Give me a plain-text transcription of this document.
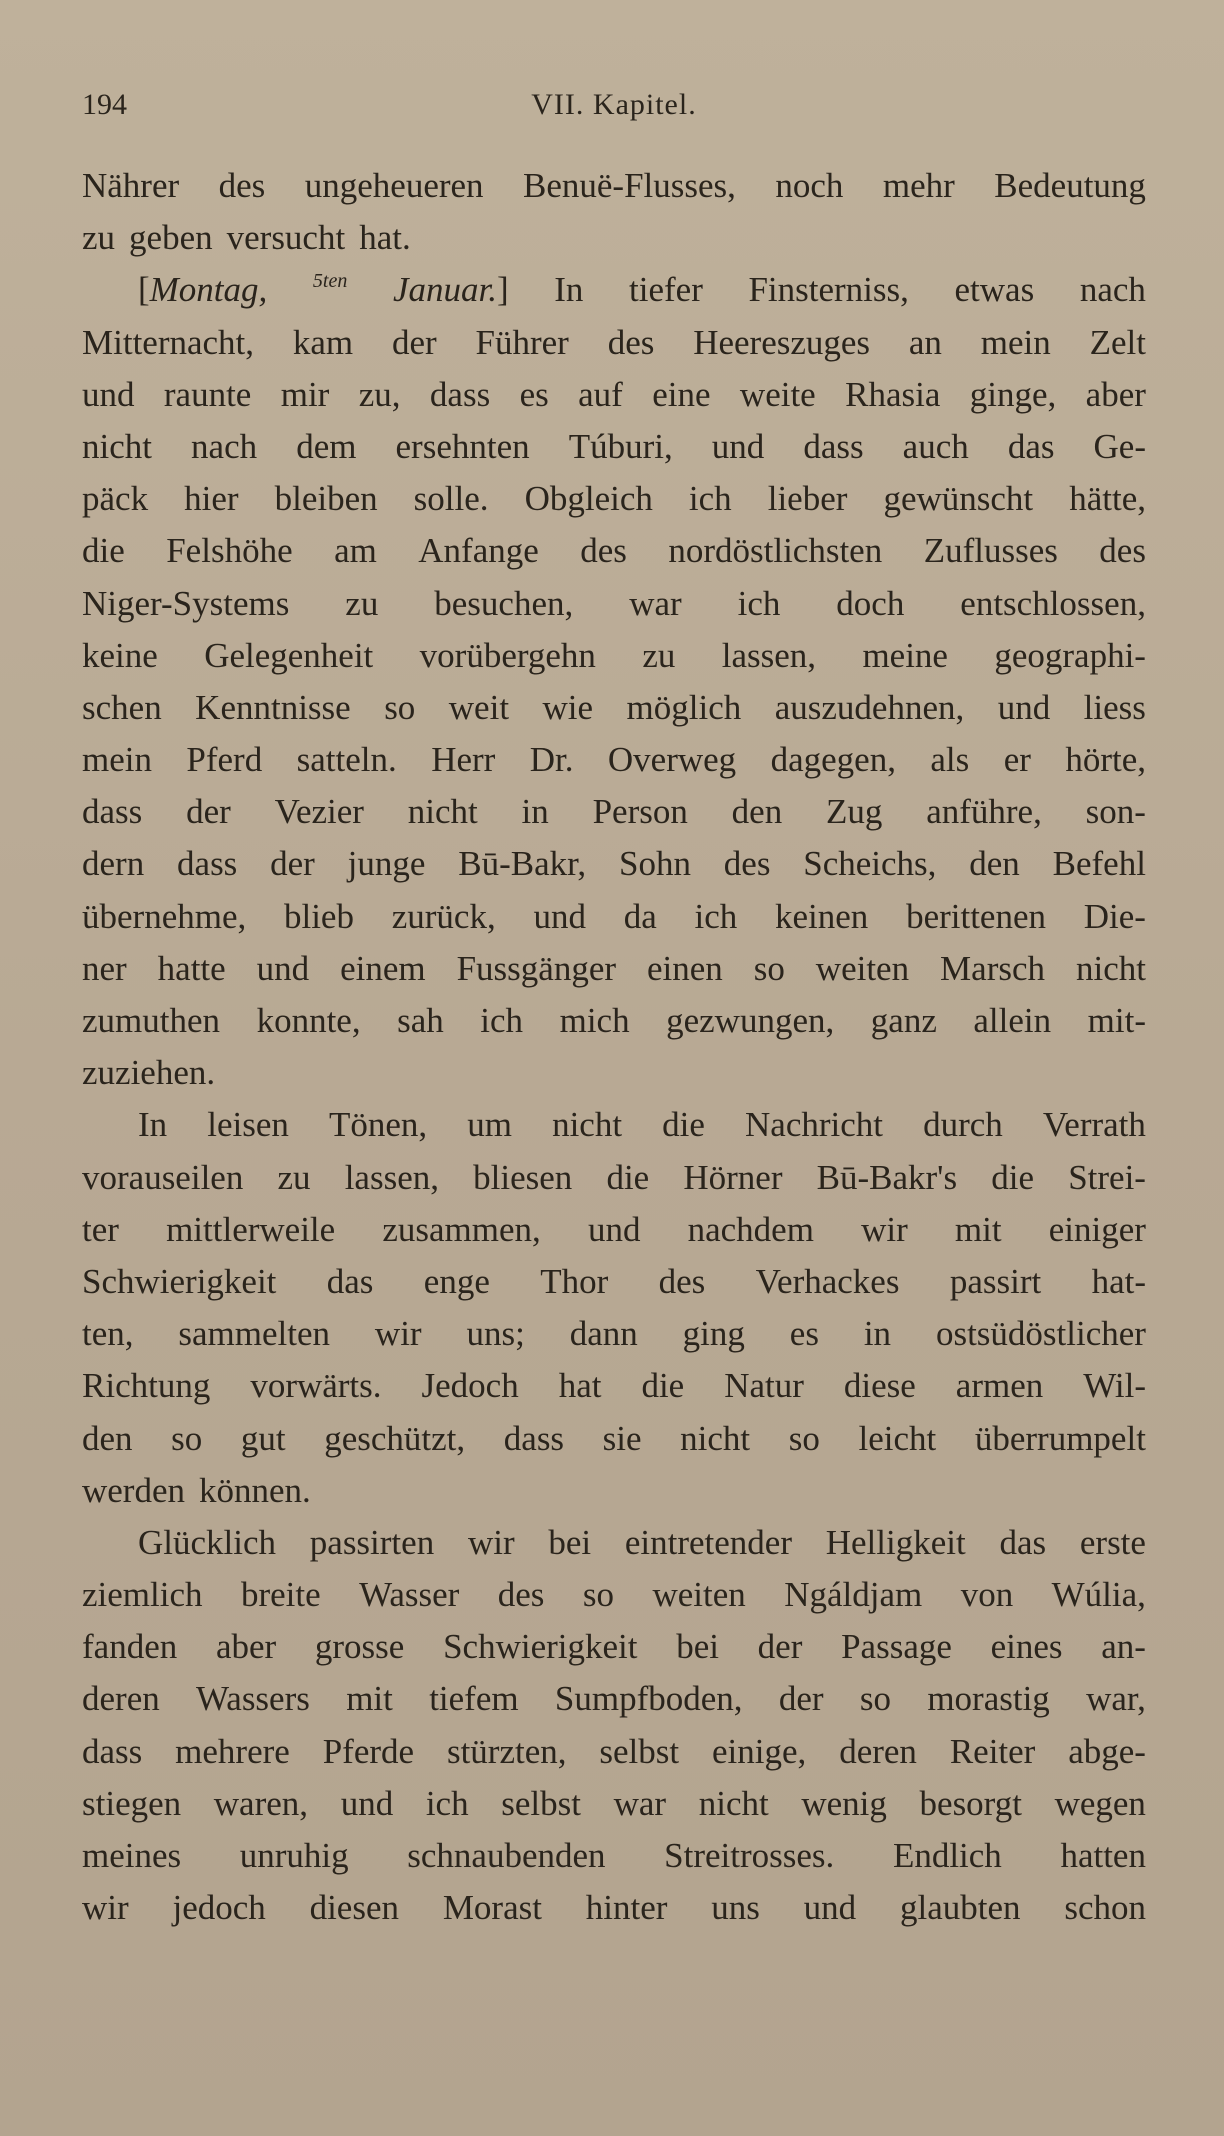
194	VII. Kapitel.
Nährer des ungeheueren Benuë-Flusses, noch mehr Bedeutung
zu geben versucht hat.
[Montag, $^{5ten}$ Januar.] In tiefer Finsterniss, etwas nach
Mitternacht, kam der Führer des Heereszuges an mein Zelt
und raunte mir zu, dass es auf eine weite Rhasia ginge, aber
nicht nach dem ersehnten Túburi, und dass auch das Ge-
päck hier bleiben solle. Obgleich ich lieber gewünscht hätte,
die Felshöhe am Anfange des nordöstlichsten Zuflusses des
Niger-Systems zu besuchen, war ich doch entschlossen,
keine Gelegenheit vorübergehn zu lassen, meine geographi-
schen Kenntnisse so weit wie möglich auszudehnen, und liess
mein Pferd satteln. Herr Dr. Overweg dagegen, als er hörte,
dass der Vezier nicht in Person den Zug anführe, son-
dern dass der junge Bū-Bakr, Sohn des Scheichs, den Befehl
übernehme, blieb zurück, und da ich keinen berittenen Die-
ner hatte und einem Fussgänger einen so weiten Marsch nicht
zumuthen konnte, sah ich mich gezwungen, ganz allein mit-
zuziehen.
In leisen Tönen, um nicht die Nachricht durch Verrath
vorauseilen zu lassen, bliesen die Hörner Bū-Bakr's die Strei-
ter mittlerweile zusammen, und nachdem wir mit einiger
Schwierigkeit das enge Thor des Verhackes passirt hat-
ten, sammelten wir uns; dann ging es in ostsüdöstlicher
Richtung vorwärts. Jedoch hat die Natur diese armen Wil-
den so gut geschützt, dass sie nicht so leicht überrumpelt
werden können.
Glücklich passirten wir bei eintretender Helligkeit das erste
ziemlich breite Wasser des so weiten Ngáldjam von Wúlia,
fanden aber grosse Schwierigkeit bei der Passage eines an-
deren Wassers mit tiefem Sumpfboden, der so morastig war,
dass mehrere Pferde stürzten, selbst einige, deren Reiter abge-
stiegen waren, und ich selbst war nicht wenig besorgt wegen
meines unruhig schnaubenden Streitrosses. Endlich hatten
wir jedoch diesen Morast hinter uns und glaubten schon
